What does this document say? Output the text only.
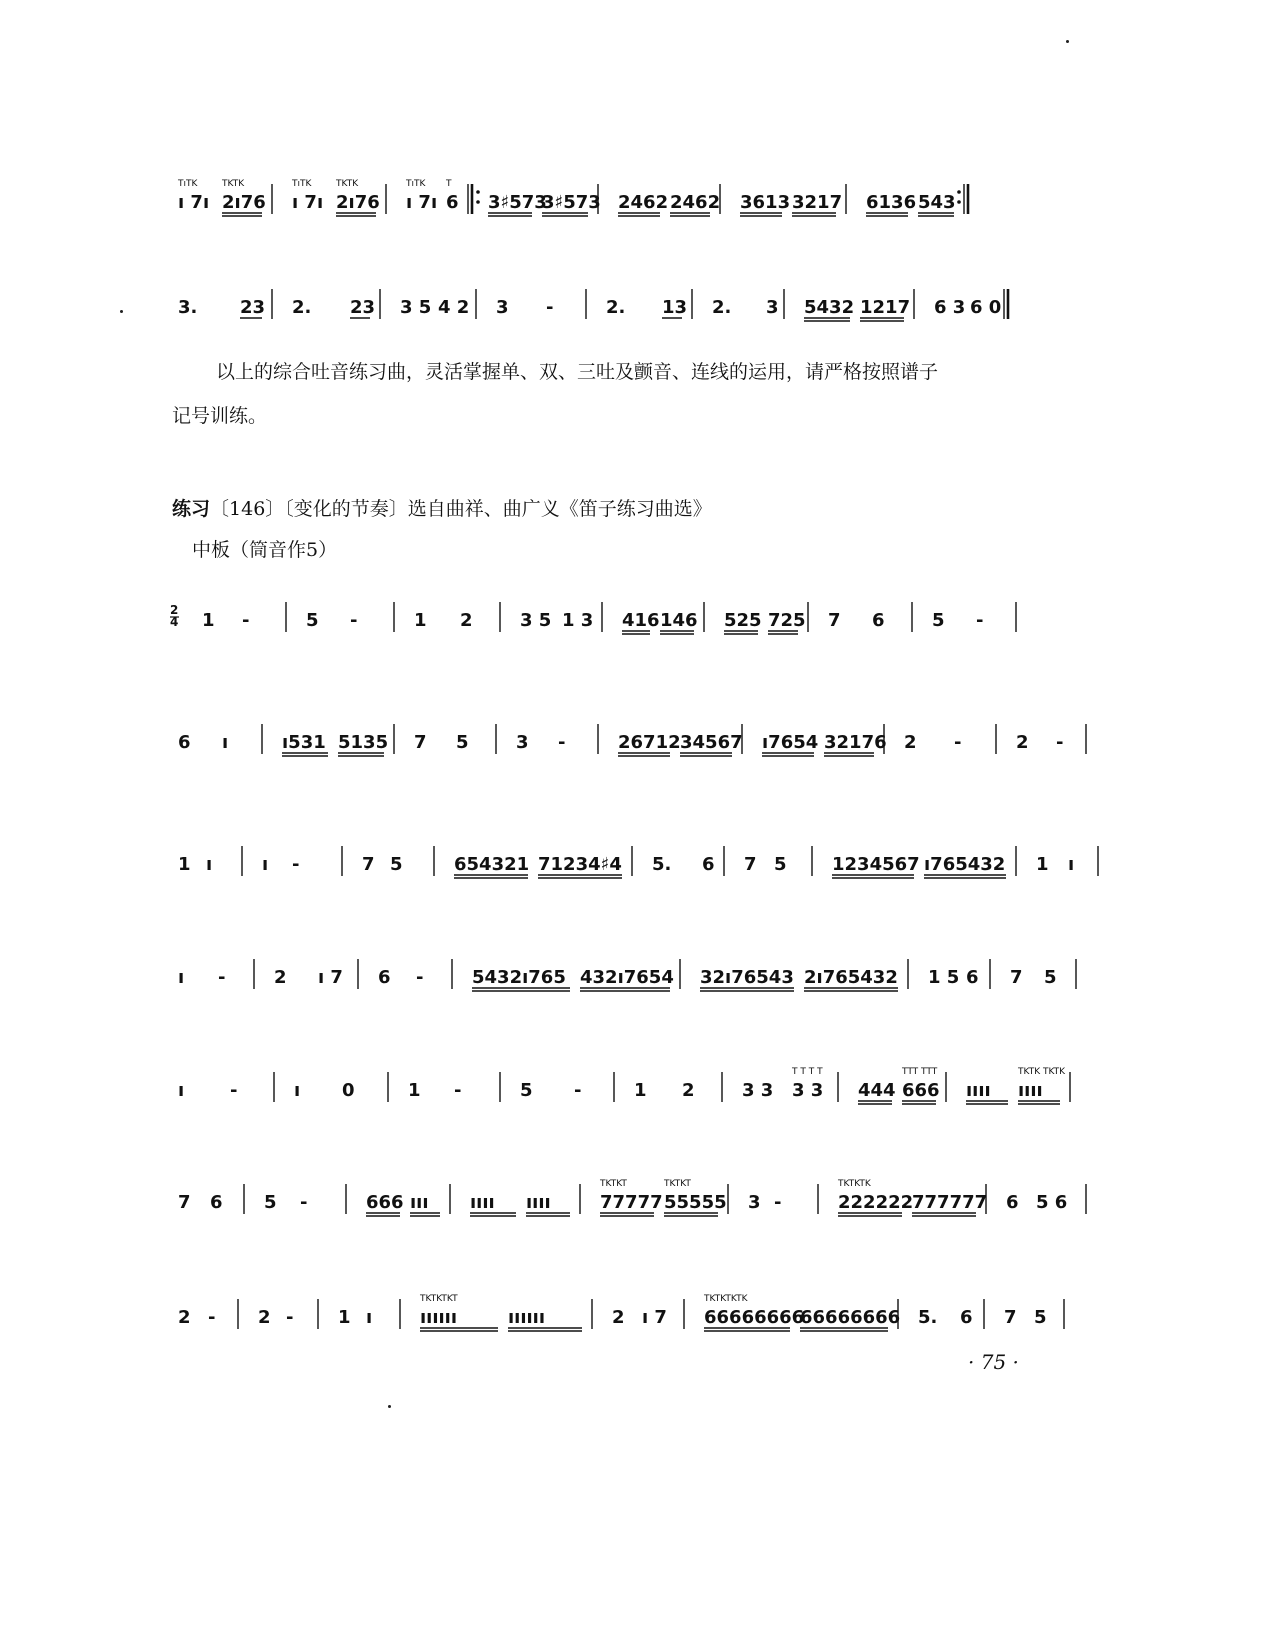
TıTK
ı 7ı
TKTK
2ı76
TıTK
ı 7ı
TKTK
2ı76
TıTK
ı 7ı
T
6 3♯573
3♯573 2462 2462 3613 3217 6136 543
3. 23 2. 23 3 5 4 2 3 -	2. 13 2. 3 5432 1217 6 3 6 0

以上的综合吐音练习曲，灵活掌握单、双、三吐及颤音、连线的运用，请严格按照谱子

记号训练。

练习〔146〕〔变化的节奏〕选自曲祥、曲广义《笛子练习曲选》
中板（筒音作5）
2
4 1 -	5 -	1 2	3 5 1 3 416 146 525 725 7 6	5 -
6 ı	ı531 5135 7 5	3 -	26712 34567 ı7654 32176 2 -	2 -
1 ı	ı -	7 5	654321 71234♯4 5. 6 7 5	1234567 ı765432 1 ı
ı -	2 ı 7 6 -	5432ı765 432ı7654 32ı76543 2ı765432 1 5 6 7 5
ı	-	ı 0	1 -	5 -	1 2	3 3
T T T T
3 3 444
TTT TTT
666 ıııı
TKTK TKTK
ıııı
7 6 5 -	666 ııı ıııı ıııı
TKTKT
77777
TKTKT
55555 3 -
TKTKTK
222222
777777 6 5 6
2 - 2 - 1 ı
TKTKTKT
ıııııı	ıııııı	2 ı 7
TKTKTKTK
66666666
66666666 5. 6 7 5
· 75 ·
